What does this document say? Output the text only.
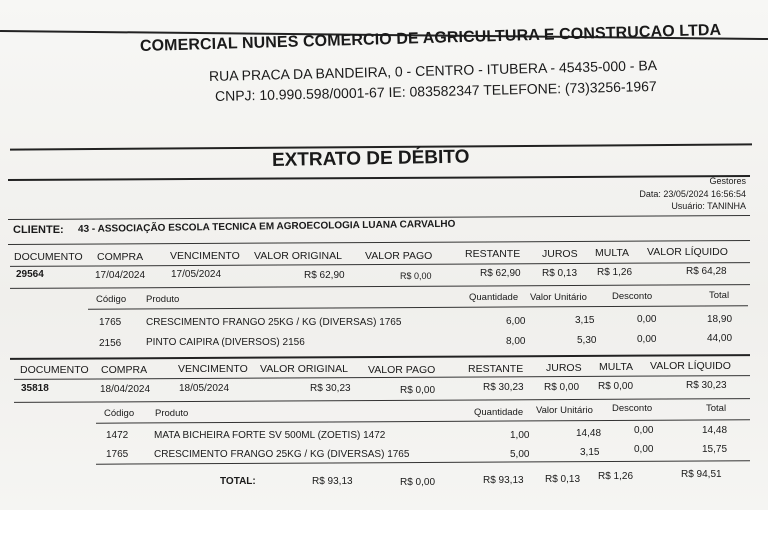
COMERCIAL NUNES COMERCIO DE AGRICULTURA E CONSTRUCAO LTDA
RUA PRACA DA BANDEIRA, 0 - CENTRO - ITUBERA - 45435-000 - BA
CNPJ: 10.990.598/0001-67 IE: 083582347 TELEFONE: (73)3256-1967
EXTRATO DE DÉBITO
Gestores
Data: 23/05/2024 16:56:54
Usuário: TANINHA
CLIENTE: 43 - ASSOCIAÇÃO ESCOLA TECNICA EM AGROECOLOGIA LUANA CARVALHO
DOCUMENTO COMPRA	VENCIMENTO VALOR ORIGINAL VALOR PAGO	RESTANTE JUROS MULTA VALOR LÍQUIDO
29564	17/04/2024	17/05/2024	R$ 62,90	R$ 0,00	R$ 62,90 R$ 0,13 R$ 1,26	R$ 64,28
Código Produto	Quantidade Valor Unitário	Desconto	Total
1765 CRESCIMENTO FRANGO 25KG / KG (DIVERSAS) 1765	6,00	3,15	0,00	18,90
2156 PINTO CAIPIRA (DIVERSOS) 2156	8,00	5,30	0,00	44,00
DOCUMENTO COMPRA	VENCIMENTO VALOR ORIGINAL VALOR PAGO	RESTANTE JUROS MULTA VALOR LÍQUIDO
35818	18/04/2024	18/05/2024	R$ 30,23	R$ 0,00	R$ 30,23 R$ 0,00 R$ 0,00	R$ 30,23
Código Produto	Quantidade Valor Unitário Desconto	Total
1472	MATA BICHEIRA FORTE SV 500ML (ZOETIS) 1472	1,00	14,48	0,00	14,48
1765	CRESCIMENTO FRANGO 25KG / KG (DIVERSAS) 1765	5,00	3,15	0,00	15,75
TOTAL:	R$ 93,13	R$ 0,00	R$ 93,13 R$ 0,13 R$ 1,26	R$ 94,51
